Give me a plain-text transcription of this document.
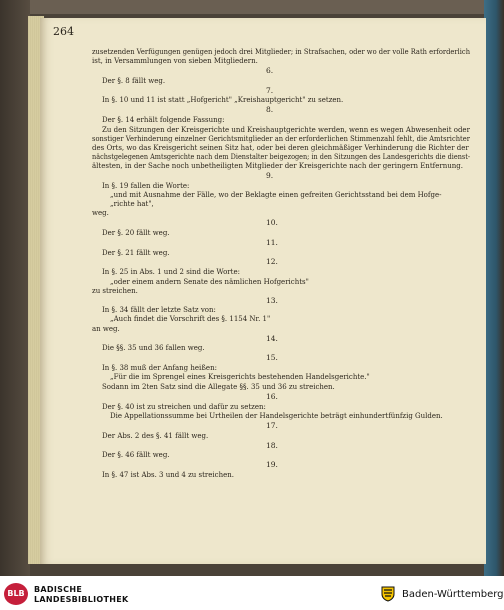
264
zusetzenden Verfügungen genügen jedoch drei Mitglieder; in Strafsachen, oder wo der volle Rath erforderlich
ist, in Versammlungen von sieben Mitgliedern.
Der §. 8 fällt weg.
In §. 10 und 11 ist statt „Hofgericht" „Kreishauptgericht" zu setzen.
Der §. 14 erhält folgende Fassung:
Zu den Sitzungen der Kreisgerichte und Kreishauptgerichte werden, wenn es wegen Abwesenheit oder
sonstiger Verhinderung einzelner Gerichtsmitglieder an der erforderlichen Stimmenzahl fehlt, die Amtsrichter
des Orts, wo das Kreisgericht seinen Sitz hat, oder bei deren gleichmäßiger Verhinderung die Richter der
nächstgelegenen Amtsgerichte nach dem Dienstalter beigezogen; in den Sitzungen des Landesgerichts die dienst-
ältesten, in der Sache noch unbetheiligten Mitglieder der Kreisgerichte nach der geringern Entfernung.
In §. 19 fallen die Worte:
„und mit Ausnahme der Fälle, wo der Beklagte einen gefreiten Gerichtsstand bei dem Hofge-
„richte hat",
weg.
Der §. 20 fällt weg.
Der §. 21 fällt weg.
In §. 25 in Abs. 1 und 2 sind die Worte:
„oder einem andern Senate des nämlichen Hofgerichts"
zu streichen.
In §. 34 fällt der letzte Satz von:
„Auch findet die Vorschrift des §. 1154 Nr. 1"
an weg.
Die §§. 35 und 36 fallen weg.
In §. 38 muß der Anfang heißen:
„Für die im Sprengel eines Kreisgerichts bestehenden Handelsgerichte."
Sodann im 2ten Satz sind die Allegate §§. 35 und 36 zu streichen.
Der §. 40 ist zu streichen und dafür zu setzen:
Die Appellationssumme bei Urtheilen der Handelsgerichte beträgt einhundertfünfzig Gulden.
Der Abs. 2 des §. 41 fällt weg.
Der §. 46 fällt weg.
In §. 47 ist Abs. 3 und 4 zu streichen.
6.
7.
8.
9.
10.
11.
12.
13.
14.
15.
16.
17.
18.
19.
BLB	BADISCHE
LANDESBIBLIOTHEK	Baden-Württemberg
